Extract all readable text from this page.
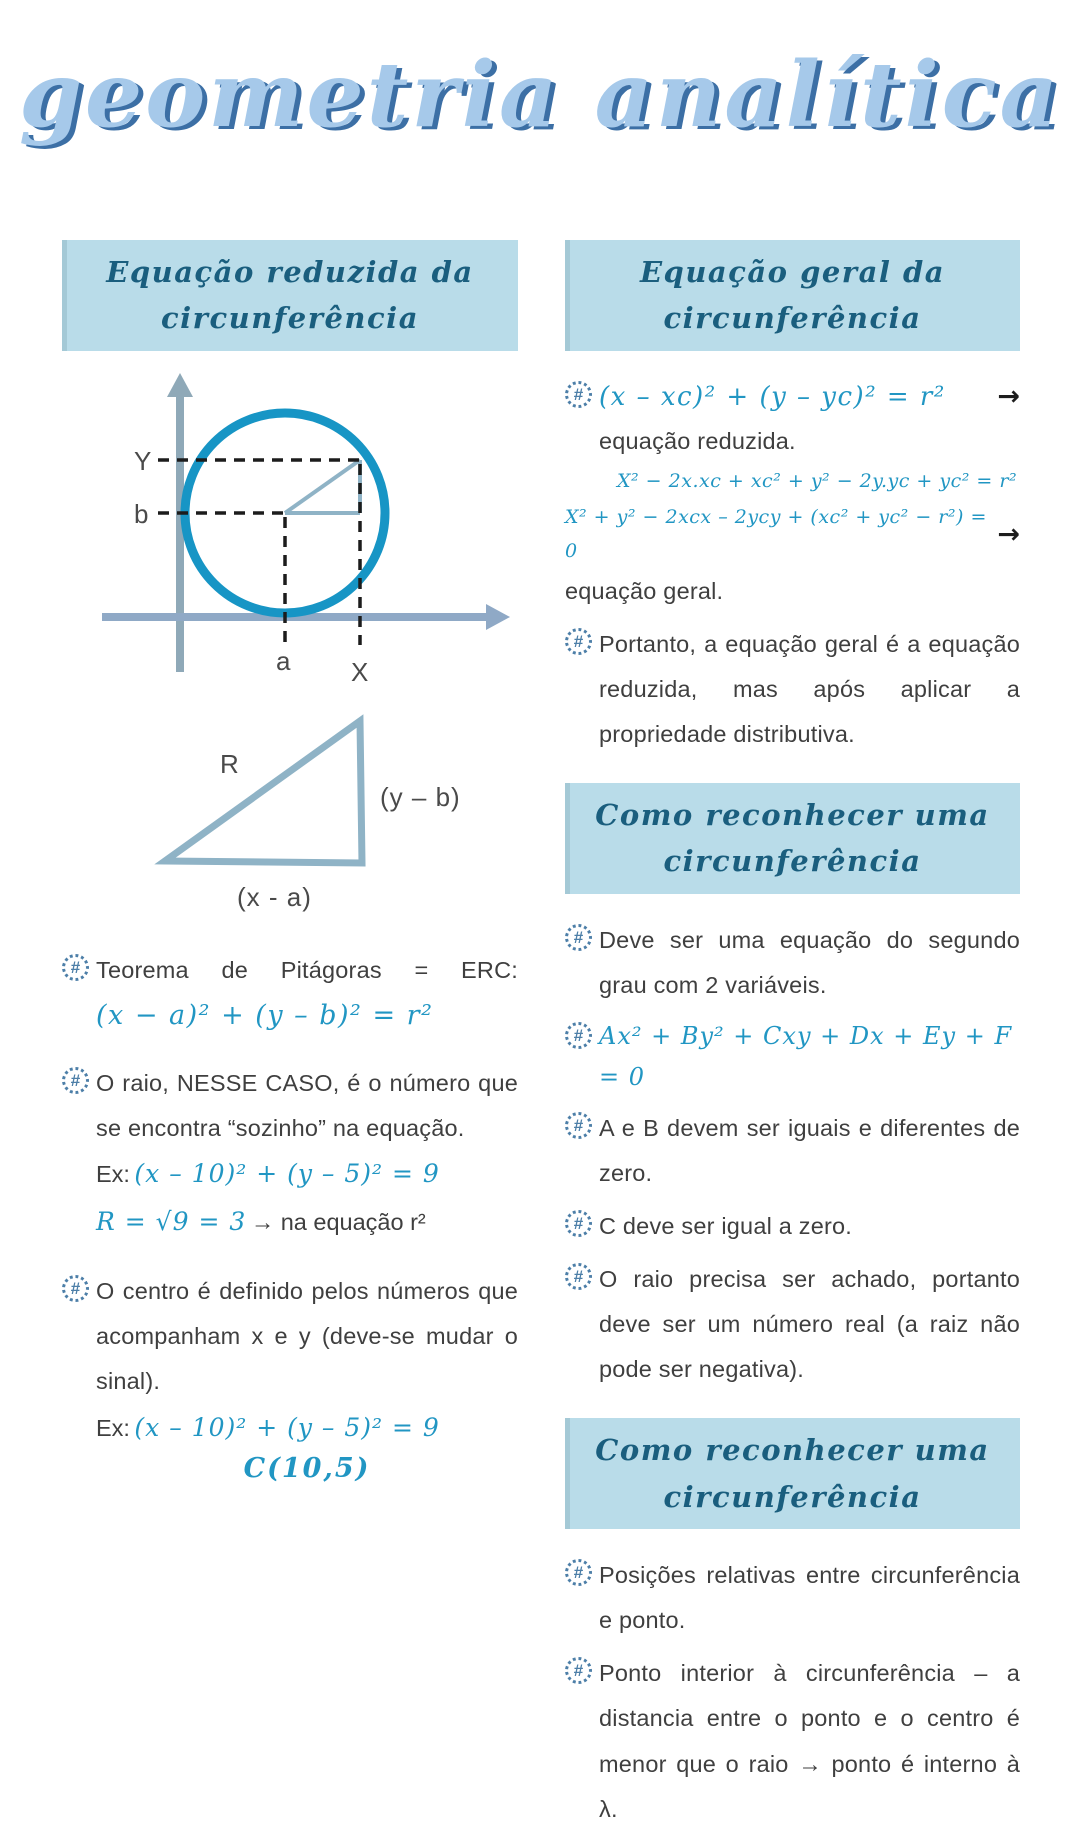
geometria analítica
Equação reduzida da circunferência
Y
b
a X
R
(y – b)
(x - a)
# Teorema de Pitágoras = ERC:
(x − a)² + (y – b)² = r²
# O raio, NESSE CASO, é o número que se encontra “sozinho” na equação.
Ex: (x – 10)² + (y – 5)² = 9
R = √9 = 3 → na equação r²
# O centro é definido pelos números que acompanham x e y (deve-se mudar o sinal).
Ex: (x – 10)² + (y – 5)² = 9
C(10,5)
Equação geral da circunferência
# (x – xc)² + (y – yc)² = r² →
equação reduzida.
X² − 2x.xc + xc² + y² − 2y.yc + yc² = r²
X² + y² − 2xcx – 2ycy + (xc² + yc² − r²) = 0
→
equação geral.
# Portanto, a equação geral é a equação reduzida, mas após aplicar a propriedade distributiva.
Como reconhecer uma circunferência
# Deve ser uma equação do segundo grau com 2 variáveis.
# Ax² + By² + Cxy + Dx + Ey + F = 0
# A e B devem ser iguais e diferentes de zero.
# C deve ser igual a zero.
# O raio precisa ser achado, portanto deve ser um número real (a raiz não pode ser negativa).
Como reconhecer uma circunferência
# Posições relativas entre circunferência e ponto.
# Ponto interior à circunferência – a distancia entre o ponto e o centro é menor que o raio → ponto é interno à λ.
